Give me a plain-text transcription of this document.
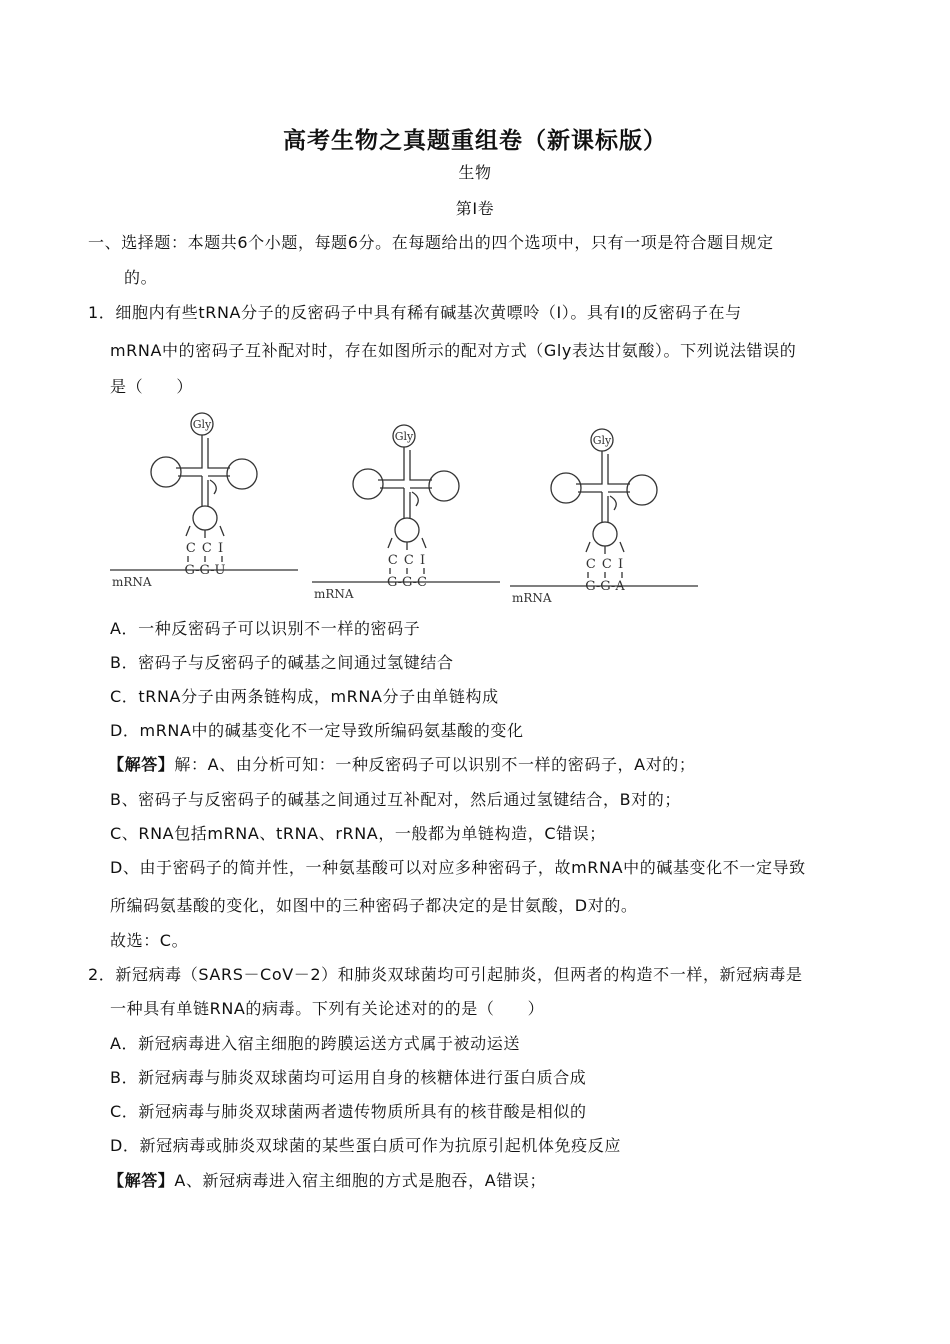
高考生物之真题重组卷（新课标版）
生物
第Ⅰ卷
一、选择题：本题共6个小题，每题6分。在每题给出的四个选项中，只有一项是符合题目规定
的。
1．细胞内有些tRNA分子的反密码子中具有稀有碱基次黄嘌呤（I）。具有I的反密码子在与
mRNA中的密码子互补配对时，存在如图所示的配对方式（Gly表达甘氨酸）。下列说法错误的
是（　　）
Gly
C C I
G-G-U
mRNA
Gly
C C I
G-G-C
mRNA
Gly
C C I
G-G-A
mRNA
A．一种反密码子可以识别不一样的密码子
B．密码子与反密码子的碱基之间通过氢键结合
C．tRNA分子由两条链构成，mRNA分子由单链构成
D．mRNA中的碱基变化不一定导致所编码氨基酸的变化
【解答】解：A、由分析可知：一种反密码子可以识别不一样的密码子，A对的；
B、密码子与反密码子的碱基之间通过互补配对，然后通过氢键结合，B对的；
C、RNA包括mRNA、tRNA、rRNA，一般都为单链构造，C错误；
D、由于密码子的简并性，一种氨基酸可以对应多种密码子，故mRNA中的碱基变化不一定导致
所编码氨基酸的变化，如图中的三种密码子都决定的是甘氨酸，D对的。
故选：C。
2．新冠病毒（SARS－CoV－2）和肺炎双球菌均可引起肺炎，但两者的构造不一样，新冠病毒是
一种具有单链RNA的病毒。下列有关论述对的的是（　　）
A．新冠病毒进入宿主细胞的跨膜运送方式属于被动运送
B．新冠病毒与肺炎双球菌均可运用自身的核糖体进行蛋白质合成
C．新冠病毒与肺炎双球菌两者遗传物质所具有的核苷酸是相似的
D．新冠病毒或肺炎双球菌的某些蛋白质可作为抗原引起机体免疫反应
【解答】A、新冠病毒进入宿主细胞的方式是胞吞，A错误；
